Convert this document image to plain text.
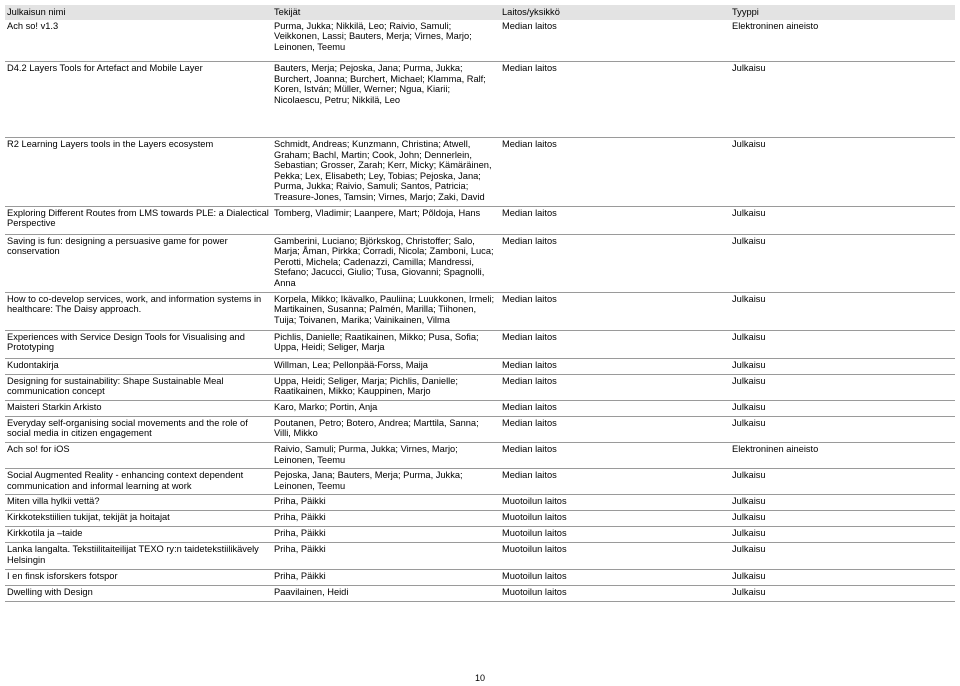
Julkaisun nimi	Tekijät	Laitos/yksikkö	Tyyppi
Ach so! v1.3	Purma, Jukka; Nikkilä, Leo; Raivio, Samuli; Veikkonen, Lassi; Bauters, Merja; Virnes, Marjo; Leinonen, Teemu	Median laitos	Elektroninen aineisto
D4.2 Layers Tools for Artefact and Mobile Layer	Bauters, Merja; Pejoska, Jana; Purma, Jukka; Burchert, Joanna; Burchert, Michael; Klamma, Ralf; Koren, István; Müller, Werner; Ngua, Kiarii; Nicolaescu, Petru; Nikkilä, Leo	Median laitos	Julkaisu
R2 Learning Layers tools in the Layers ecosystem	Schmidt, Andreas; Kunzmann, Christina; Atwell, Graham; Bachl, Martin; Cook, John; Dennerlein, Sebastian; Grosser, Zarah; Kerr, Micky; Kämäräinen, Pekka; Lex, Elisabeth; Ley, Tobias; Pejoska, Jana; Purma, Jukka; Raivio, Samuli; Santos, Patricia; Treasure-Jones, Tamsin; Virnes, Marjo; Zaki, David	Median laitos	Julkaisu
Exploring Different Routes from LMS towards PLE: a Dialectical Perspective	Tomberg, Vladimir; Laanpere, Mart; Põldoja, Hans	Median laitos	Julkaisu
Saving is fun: designing a persuasive game for power conservation	Gamberini, Luciano; Björkskog, Christoffer; Salo, Marja; Åman, Pirkka; Corradi, Nicola; Zamboni, Luca; Perotti, Michela; Cadenazzi, Camilla; Mandressi, Stefano; Jacucci, Giulio; Tusa, Giovanni; Spagnolli, Anna	Median laitos	Julkaisu
How to co-develop services, work, and information systems in healthcare: The Daisy approach.	Korpela, Mikko; Ikävalko, Pauliina; Luukkonen, Irmeli; Martikainen, Susanna; Palmén, Marilla; Tiihonen, Tuija; Toivanen, Marika; Vainikainen, Vilma	Median laitos	Julkaisu
Experiences with Service Design Tools for Visualising and Prototyping	Pichlis, Danielle; Raatikainen, Mikko; Pusa, Sofia; Uppa, Heidi; Seliger, Marja	Median laitos	Julkaisu
Kudontakirja	Willman, Lea; Pellonpää-Forss, Maija	Median laitos	Julkaisu
Designing for sustainability: Shape Sustainable Meal communication concept	Uppa, Heidi; Seliger, Marja; Pichlis, Danielle; Raatikainen, Mikko; Kauppinen, Marjo	Median laitos	Julkaisu
Maisteri Starkin Arkisto	Karo, Marko; Portin, Anja	Median laitos	Julkaisu
Everyday self-organising social movements and the role of social media in citizen engagement	Poutanen, Petro; Botero, Andrea; Marttila, Sanna; Villi, Mikko	Median laitos	Julkaisu
Ach so! for iOS	Raivio, Samuli; Purma, Jukka; Virnes, Marjo; Leinonen, Teemu	Median laitos	Elektroninen aineisto
Social Augmented Reality - enhancing context dependent communication and informal learning at work	Pejoska, Jana; Bauters, Merja; Purma, Jukka; Leinonen, Teemu	Median laitos	Julkaisu
Miten villa hylkii vettä?	Priha, Päikki	Muotoilun laitos	Julkaisu
Kirkkotekstiilien tukijat, tekijät ja hoitajat	Priha, Päikki	Muotoilun laitos	Julkaisu
Kirkkotila ja –taide	Priha, Päikki	Muotoilun laitos	Julkaisu
Lanka langalta. Tekstiilitaiteilijat TEXO ry:n taidetekstiilikävely Helsingin	Priha, Päikki	Muotoilun laitos	Julkaisu
I en finsk isforskers fotspor	Priha, Päikki	Muotoilun laitos	Julkaisu
Dwelling with Design	Paavilainen, Heidi	Muotoilun laitos	Julkaisu
10
